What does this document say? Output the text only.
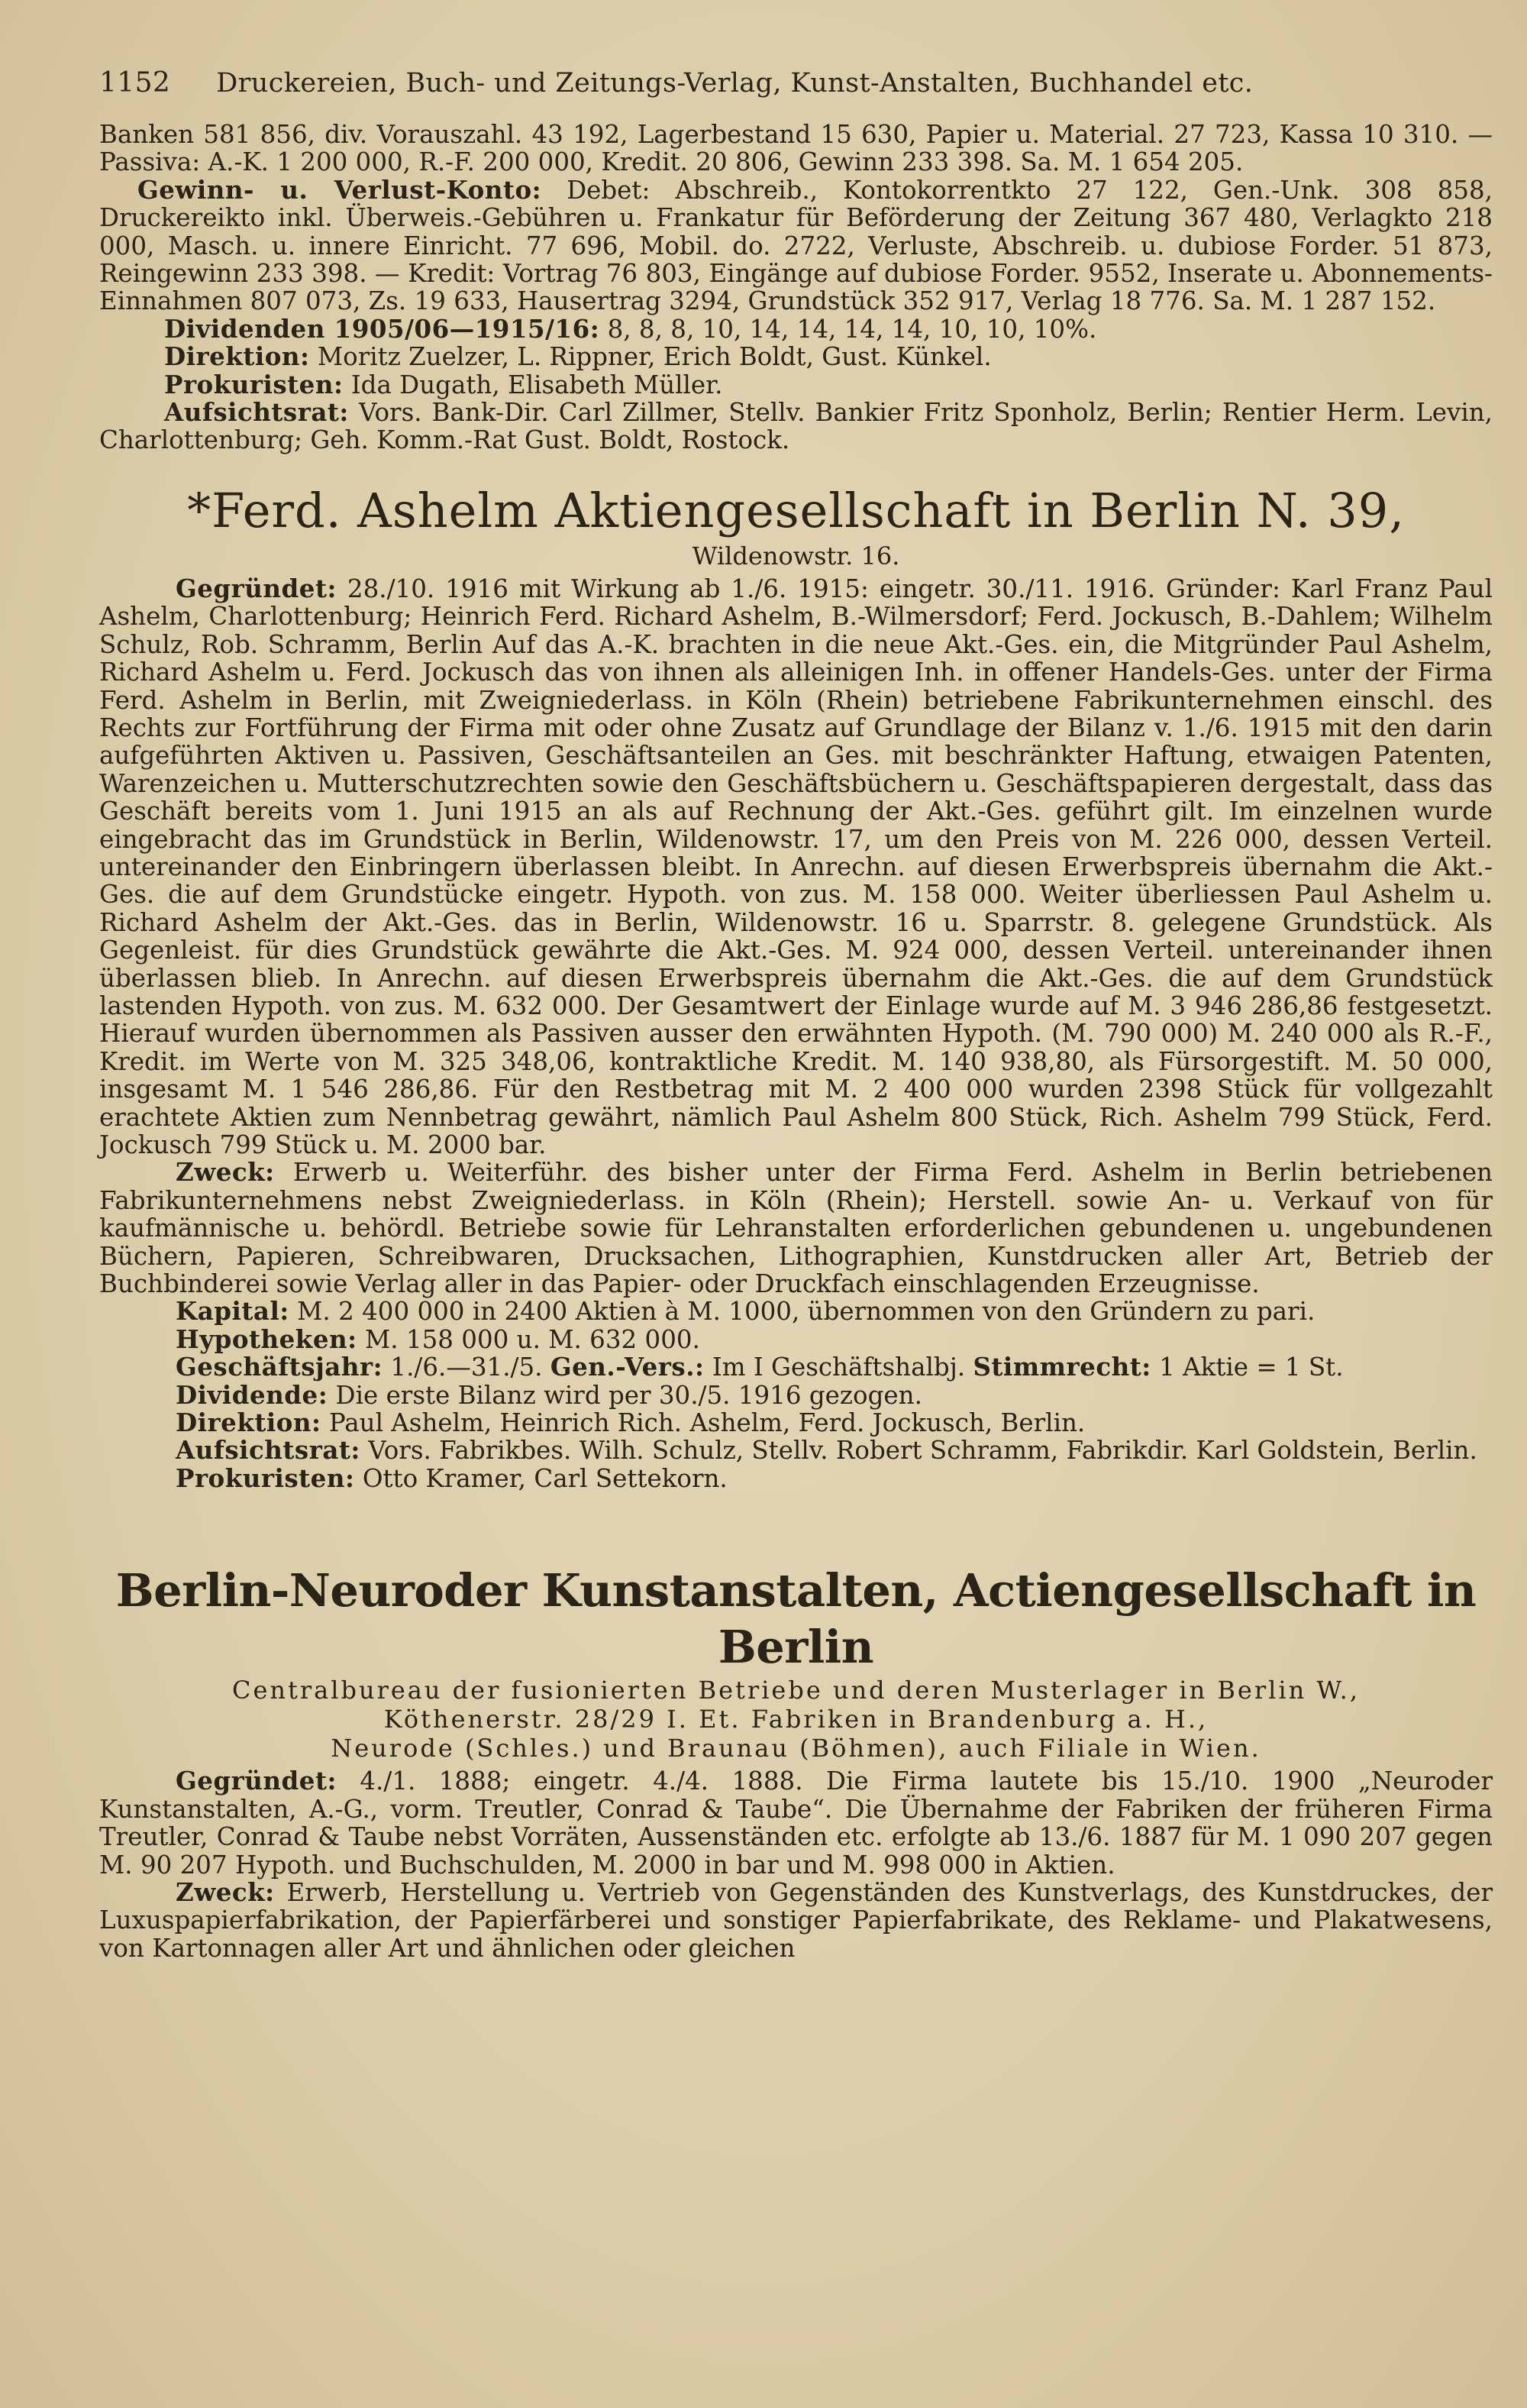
1152 Druckereien, Buch- und Zeitungs-Verlag, Kunst-Anstalten, Buchhandel etc.

Banken 581 856, div. Vorauszahl. 43 192, Lagerbestand 15 630, Papier u. Material. 27 723, Kassa 10 310. — Passiva: A.-K. 1 200 000, R.-F. 200 000, Kredit. 20 806, Gewinn 233 398. Sa. M. 1 654 205.

Gewinn- u. Verlust-Konto: Debet: Abschreib., Kontokorrentkto 27 122, Gen.-Unk. 308 858, Druckereikto inkl. Überweis.-Gebühren u. Frankatur für Beförderung der Zeitung 367 480, Verlagkto 218 000, Masch. u. innere Einricht. 77 696, Mobil. do. 2722, Verluste, Abschreib. u. dubiose Forder. 51 873, Reingewinn 233 398. — Kredit: Vortrag 76 803, Eingänge auf dubiose Forder. 9552, Inserate u. Abonnements-Einnahmen 807 073, Zs. 19 633, Hausertrag 3294, Grundstück 352 917, Verlag 18 776. Sa. M. 1 287 152.

Dividenden 1905/06—1915/16: 8, 8, 8, 10, 14, 14, 14, 14, 10, 10, 10%.

Direktion: Moritz Zuelzer, L. Rippner, Erich Boldt, Gust. Künkel.

Prokuristen: Ida Dugath, Elisabeth Müller.

Aufsichtsrat: Vors. Bank-Dir. Carl Zillmer, Stellv. Bankier Fritz Sponholz, Berlin; Rentier Herm. Levin, Charlottenburg; Geh. Komm.-Rat Gust. Boldt, Rostock.

*Ferd. Ashelm Aktiengesellschaft in Berlin N. 39,
Wildenowstr. 16.

Gegründet: 28./10. 1916 mit Wirkung ab 1./6. 1915: eingetr. 30./11. 1916. Gründer: Karl Franz Paul Ashelm, Charlottenburg; Heinrich Ferd. Richard Ashelm, B.-Wilmersdorf; Ferd. Jockusch, B.-Dahlem; Wilhelm Schulz, Rob. Schramm, Berlin Auf das A.-K. brachten in die neue Akt.-Ges. ein, die Mitgründer Paul Ashelm, Richard Ashelm u. Ferd. Jockusch das von ihnen als alleinigen Inh. in offener Handels-Ges. unter der Firma Ferd. Ashelm in Berlin, mit Zweigniederlass. in Köln (Rhein) betriebene Fabrikunternehmen einschl. des Rechts zur Fortführung der Firma mit oder ohne Zusatz auf Grundlage der Bilanz v. 1./6. 1915 mit den darin aufgeführten Aktiven u. Passiven, Geschäftsanteilen an Ges. mit beschränkter Haftung, etwaigen Patenten, Warenzeichen u. Mutterschutzrechten sowie den Geschäftsbüchern u. Geschäftspapieren dergestalt, dass das Geschäft bereits vom 1. Juni 1915 an als auf Rechnung der Akt.-Ges. geführt gilt. Im einzelnen wurde eingebracht das im Grundstück in Berlin, Wildenowstr. 17, um den Preis von M. 226 000, dessen Verteil. untereinander den Einbringern überlassen bleibt. In Anrechn. auf diesen Erwerbspreis übernahm die Akt.-Ges. die auf dem Grundstücke eingetr. Hypoth. von zus. M. 158 000. Weiter überliessen Paul Ashelm u. Richard Ashelm der Akt.-Ges. das in Berlin, Wildenowstr. 16 u. Sparrstr. 8. gelegene Grundstück. Als Gegenleist. für dies Grundstück gewährte die Akt.-Ges. M. 924 000, dessen Verteil. untereinander ihnen überlassen blieb. In Anrechn. auf diesen Erwerbspreis übernahm die Akt.-Ges. die auf dem Grundstück lastenden Hypoth. von zus. M. 632 000. Der Gesamtwert der Einlage wurde auf M. 3 946 286,86 festgesetzt. Hierauf wurden übernommen als Passiven ausser den erwähnten Hypoth. (M. 790 000) M. 240 000 als R.-F., Kredit. im Werte von M. 325 348,06, kontraktliche Kredit. M. 140 938,80, als Fürsorgestift. M. 50 000, insgesamt M. 1 546 286,86. Für den Restbetrag mit M. 2 400 000 wurden 2398 Stück für vollgezahlt erachtete Aktien zum Nennbetrag gewährt, nämlich Paul Ashelm 800 Stück, Rich. Ashelm 799 Stück, Ferd. Jockusch 799 Stück u. M. 2000 bar.

Zweck: Erwerb u. Weiterführ. des bisher unter der Firma Ferd. Ashelm in Berlin betriebenen Fabrikunternehmens nebst Zweigniederlass. in Köln (Rhein); Herstell. sowie An- u. Verkauf von für kaufmännische u. behördl. Betriebe sowie für Lehranstalten erforderlichen gebundenen u. ungebundenen Büchern, Papieren, Schreibwaren, Drucksachen, Lithographien, Kunstdrucken aller Art, Betrieb der Buchbinderei sowie Verlag aller in das Papier- oder Druckfach einschlagenden Erzeugnisse.

Kapital: M. 2 400 000 in 2400 Aktien à M. 1000, übernommen von den Gründern zu pari.

Hypotheken: M. 158 000 u. M. 632 000.

Geschäftsjahr: 1./6.—31./5. Gen.-Vers.: Im I Geschäftshalbj. Stimmrecht: 1 Aktie = 1 St.

Dividende: Die erste Bilanz wird per 30./5. 1916 gezogen.

Direktion: Paul Ashelm, Heinrich Rich. Ashelm, Ferd. Jockusch, Berlin.

Aufsichtsrat: Vors. Fabrikbes. Wilh. Schulz, Stellv. Robert Schramm, Fabrikdir. Karl Goldstein, Berlin.

Prokuristen: Otto Kramer, Carl Settekorn.

Berlin-Neuroder Kunstanstalten, Actiengesellschaft in Berlin
Centralbureau der fusionierten Betriebe und deren Musterlager in Berlin W.,
Köthenerstr. 28/29 I. Et. Fabriken in Brandenburg a. H.,
Neurode (Schles.) und Braunau (Böhmen), auch Filiale in Wien.

Gegründet: 4./1. 1888; eingetr. 4./4. 1888. Die Firma lautete bis 15./10. 1900 „Neuroder Kunstanstalten, A.-G., vorm. Treutler, Conrad & Taube“. Die Übernahme der Fabriken der früheren Firma Treutler, Conrad & Taube nebst Vorräten, Aussenständen etc. erfolgte ab 13./6. 1887 für M. 1 090 207 gegen M. 90 207 Hypoth. und Buchschulden, M. 2000 in bar und M. 998 000 in Aktien.

Zweck: Erwerb, Herstellung u. Vertrieb von Gegenständen des Kunstverlags, des Kunstdruckes, der Luxuspapierfabrikation, der Papierfärberei und sonstiger Papierfabrikate, des Reklame- und Plakatwesens, von Kartonnagen aller Art und ähnlichen oder gleichen
